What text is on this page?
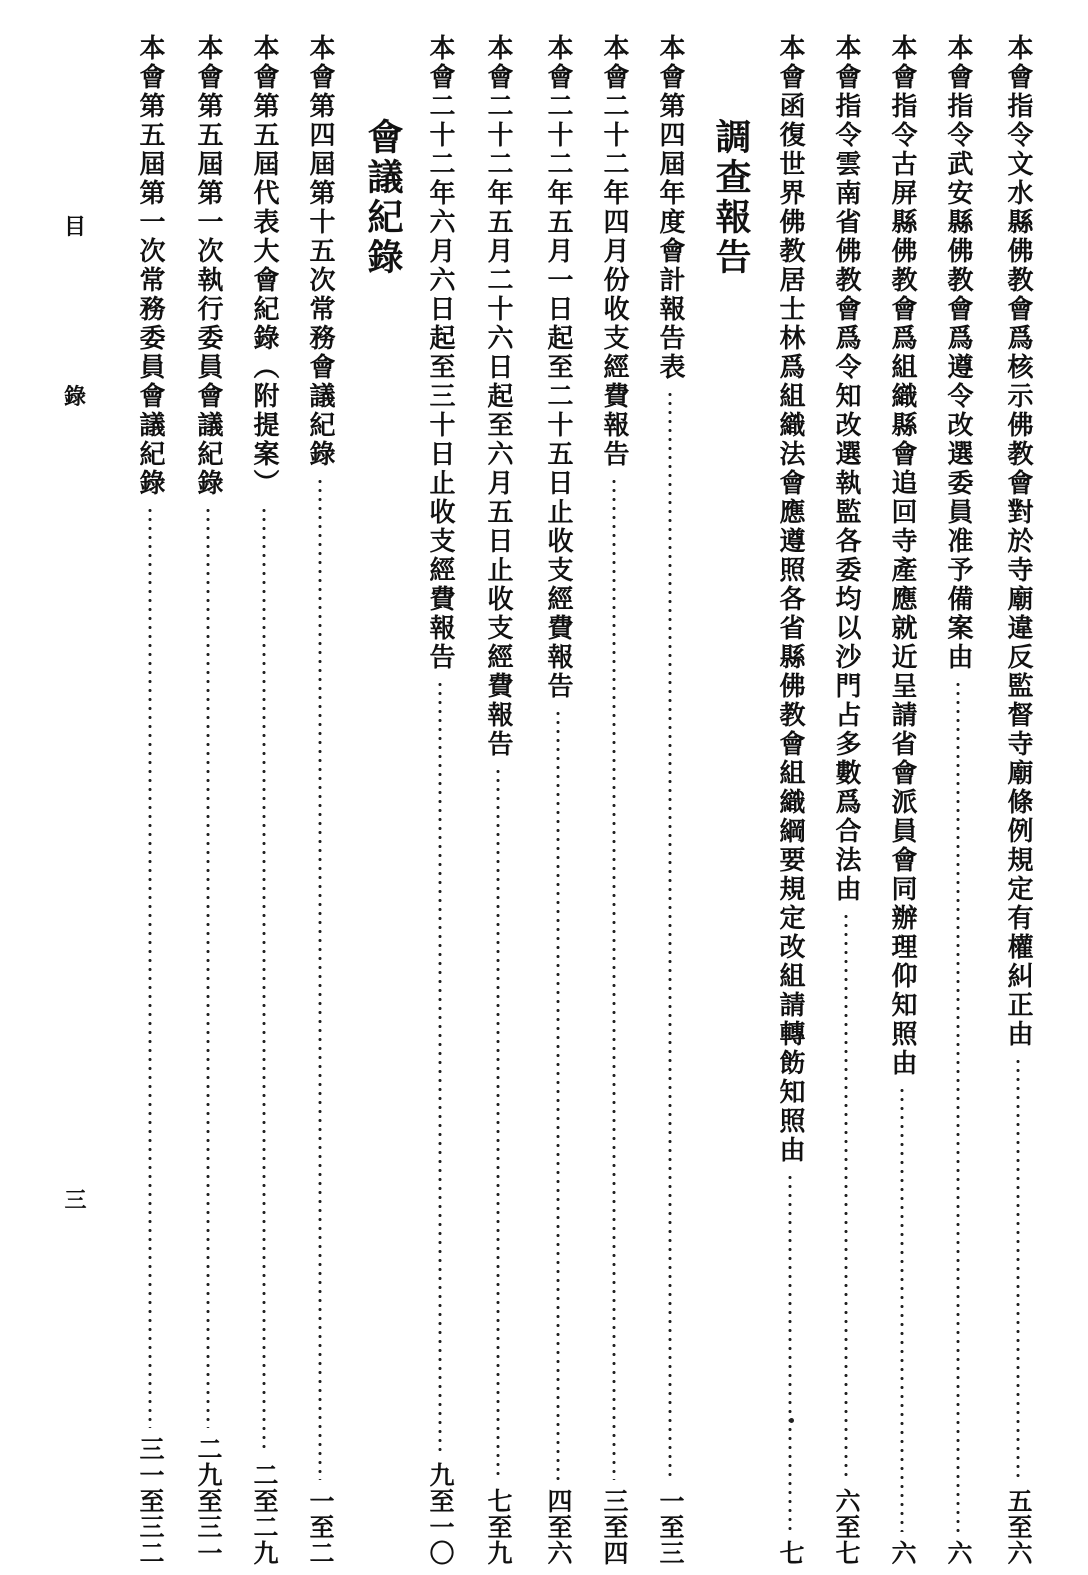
本會指令文水縣佛教會爲核示佛教會對於寺廟違反監督寺廟條例規定有權糾正由
五至六
本會指令武安縣佛教會爲遵令改選委員准予備案由
六
本會指令古屏縣佛教會爲組織縣會追回寺產應就近呈請省會派員會同辦理仰知照由
六
本會指令雲南省佛教會爲令知改選執監各委均以沙門占多數爲合法由
六至七
本會函復世界佛教居士林爲組織法會應遵照各省縣佛教會組織綱要規定改組請轉飭知照由
七
調查報告
本會第四屆年度會計報告表
一至三
本會二十二年四月份收支經費報告
三至四
本會二十二年五月一日起至二十五日止收支經費報告
四至六
本會二十二年五月二十六日起至六月五日止收支經費報告
七至九
本會二十二年六月六日起至三十日止收支經費報告
九至一〇
會議紀錄
本會第四屆第十五次常務會議紀錄
一至二
本會第五屆代表大會紀錄（附提案）
二至二九
本會第五屆第一次執行委員會議紀錄
二九至三一
本會第五屆第一次常務委員會議紀錄
三一至三二
目
錄
三
